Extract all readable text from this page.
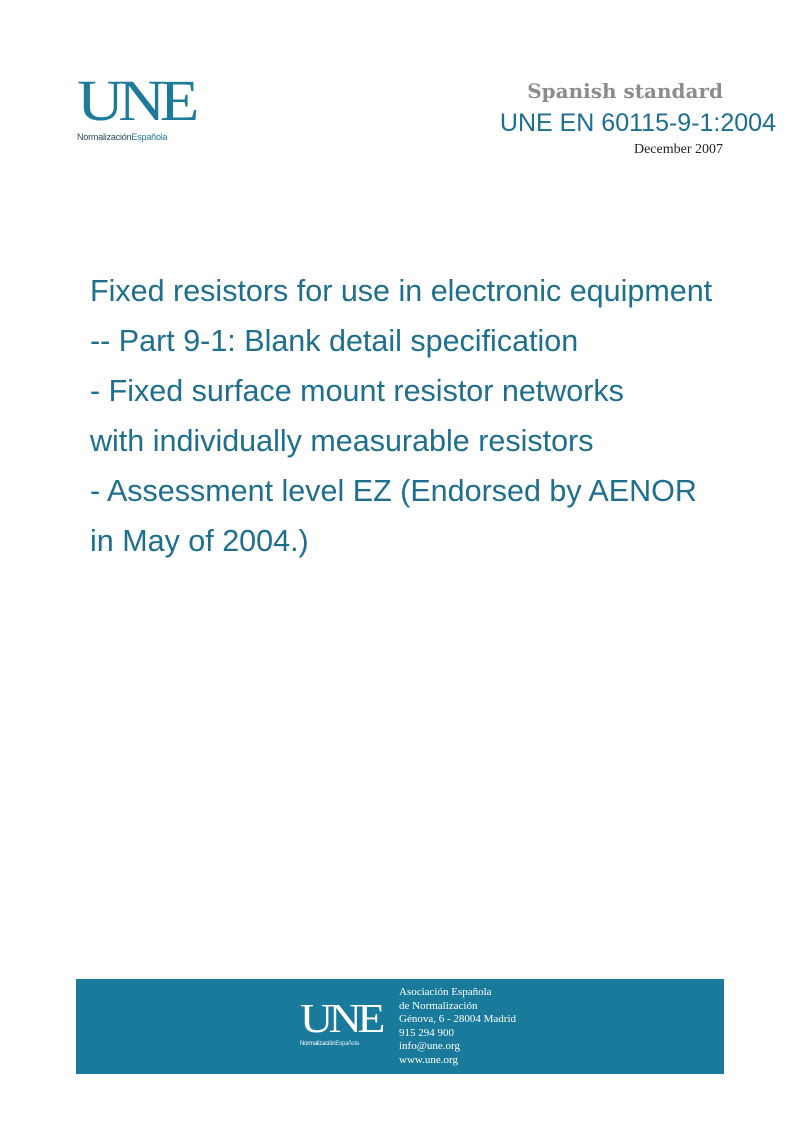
UNE
NormalizaciónEspañola
Spanish standard
UNE EN 60115-9-1:2004
December 2007
Fixed resistors for use in electronic equipment
-- Part 9-1: Blank detail specification
- Fixed surface mount resistor networks
with individually measurable resistors
- Assessment level EZ (Endorsed by AENOR
in May of 2004.)
UNE
NormalizaciónEspañola
Asociación Española
de Normalización
Génova, 6 - 28004 Madrid
915 294 900
info@une.org
www.une.org
